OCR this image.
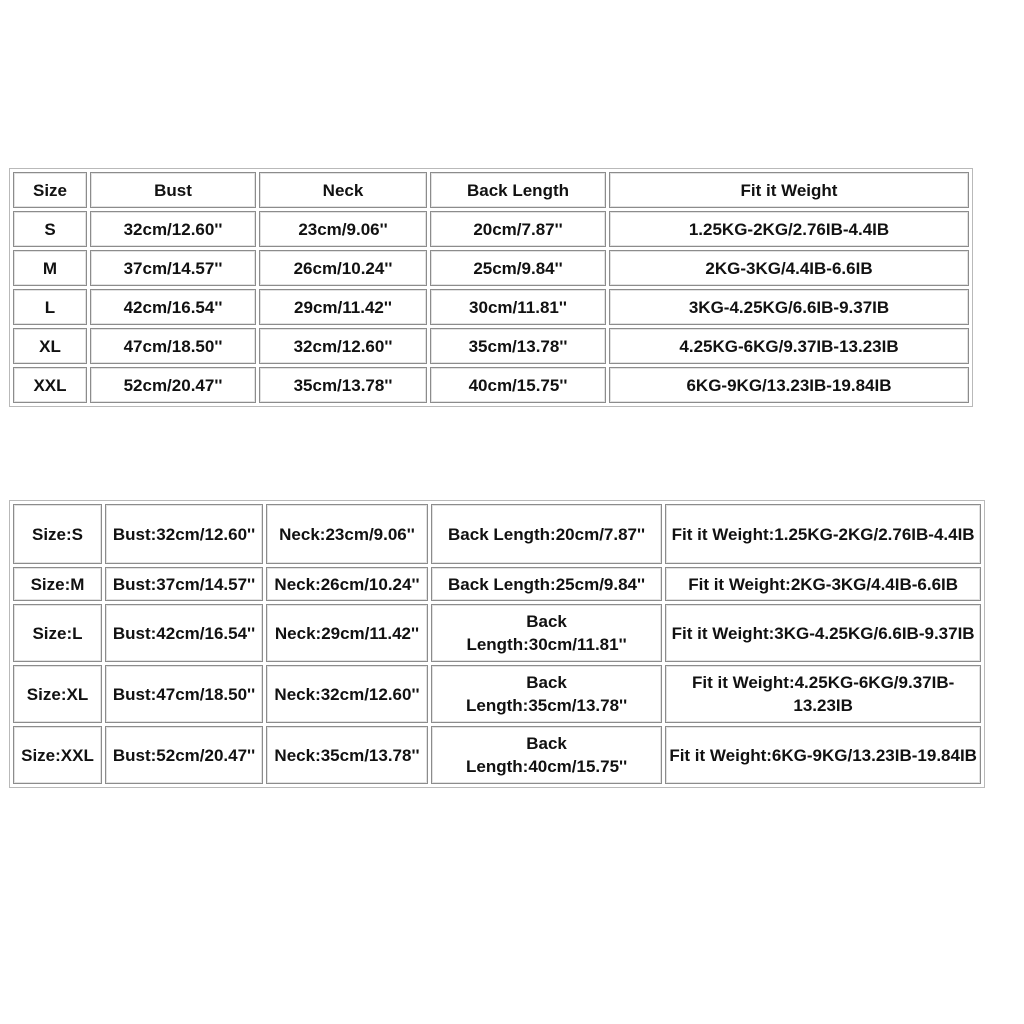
Size	Bust	Neck	Back Length	Fit it Weight
S	32cm/12.60''	23cm/9.06''	20cm/7.87''	1.25KG-2KG/2.76IB-4.4IB
M	37cm/14.57''	26cm/10.24''	25cm/9.84''	2KG-3KG/4.4IB-6.6IB
L	42cm/16.54''	29cm/11.42''	30cm/11.81''	3KG-4.25KG/6.6IB-9.37IB
XL	47cm/18.50''	32cm/12.60''	35cm/13.78''	4.25KG-6KG/9.37IB-13.23IB
XXL	52cm/20.47''	35cm/13.78''	40cm/15.75''	6KG-9KG/13.23IB-19.84IB
Size:S	Bust:32cm/12.60''	Neck:23cm/9.06''	Back Length:20cm/7.87''	Fit it Weight:1.25KG-2KG/2.76IB-4.4IB
Size:M	Bust:37cm/14.57''	Neck:26cm/10.24''	Back Length:25cm/9.84''	Fit it Weight:2KG-3KG/4.4IB-6.6IB
Size:L	Bust:42cm/16.54''	Neck:29cm/11.42''	Back Length:30cm/11.81''	Fit it Weight:3KG-4.25KG/6.6IB-9.37IB
Size:XL	Bust:47cm/18.50''	Neck:32cm/12.60''	Back Length:35cm/13.78''	Fit it Weight:4.25KG-6KG/9.37IB-13.23IB
Size:XXL	Bust:52cm/20.47''	Neck:35cm/13.78''	Back Length:40cm/15.75''	Fit it Weight:6KG-9KG/13.23IB-19.84IB
